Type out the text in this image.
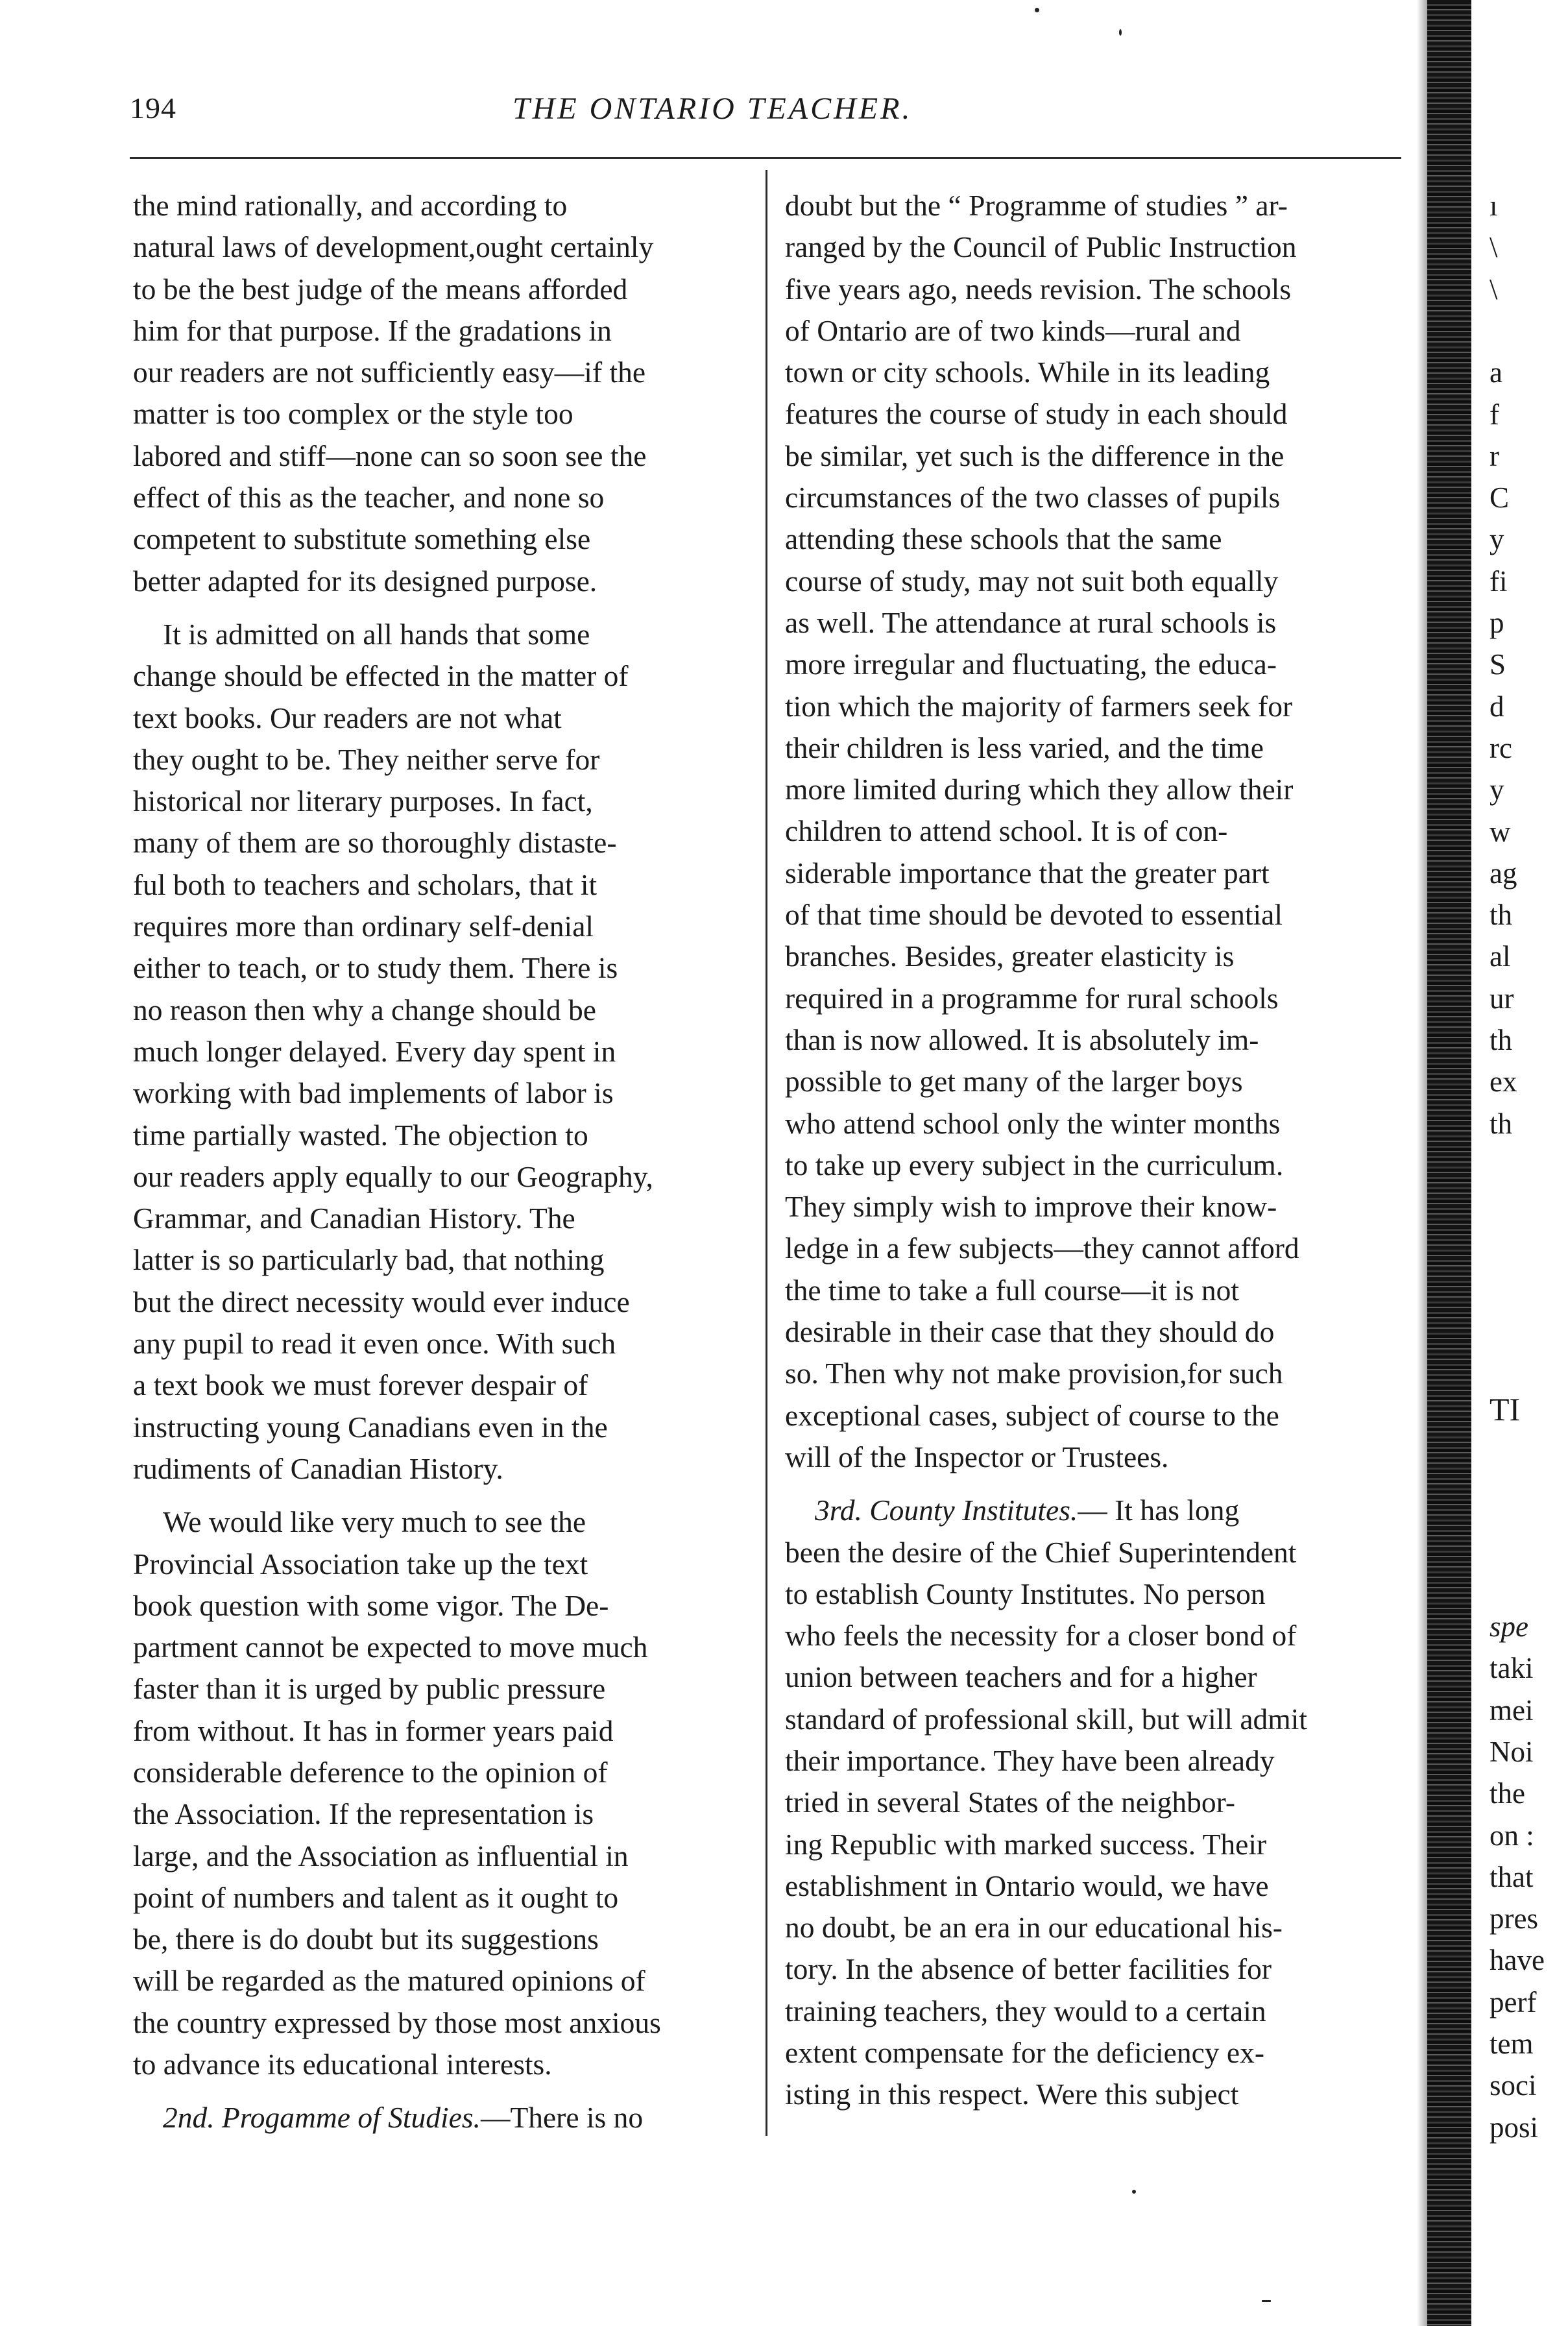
194	THE ONTARIO TEACHER.
the mind rationally, and according to
natural laws of development,ought certainly
to be the best judge of the means afforded
him for that purpose. If the gradations in
our readers are not sufficiently easy—if the
matter is too complex or the style too
labored and stiff—none can so soon see the
effect of this as the teacher, and none so
competent to substitute something else
better adapted for its designed purpose.
It is admitted on all hands that some
change should be effected in the matter of
text books. Our readers are not what
they ought to be. They neither serve for
historical nor literary purposes. In fact,
many of them are so thoroughly distaste-
ful both to teachers and scholars, that it
requires more than ordinary self-denial
either to teach, or to study them. There is
no reason then why a change should be
much longer delayed. Every day spent in
working with bad implements of labor is
time partially wasted. The objection to
our readers apply equally to our Geography,
Grammar, and Canadian History. The
latter is so particularly bad, that nothing
but the direct necessity would ever induce
any pupil to read it even once. With such
a text book we must forever despair of
instructing young Canadians even in the
rudiments of Canadian History.
We would like very much to see the
Provincial Association take up the text
book question with some vigor. The De-
partment cannot be expected to move much
faster than it is urged by public pressure
from without. It has in former years paid
considerable deference to the opinion of
the Association. If the representation is
large, and the Association as influential in
point of numbers and talent as it ought to
be, there is do doubt but its suggestions
will be regarded as the matured opinions of
the country expressed by those most anxious
to advance its educational interests.
2nd. Progamme of Studies.—There is no
doubt but the “ Programme of studies ” ar-
ranged by the Council of Public Instruction
five years ago, needs revision. The schools
of Ontario are of two kinds—rural and
town or city schools. While in its leading
features the course of study in each should
be similar, yet such is the difference in the
circumstances of the two classes of pupils
attending these schools that the same
course of study, may not suit both equally
as well. The attendance at rural schools is
more irregular and fluctuating, the educa-
tion which the majority of farmers seek for
their children is less varied, and the time
more limited during which they allow their
children to attend school. It is of con-
siderable importance that the greater part
of that time should be devoted to essential
branches. Besides, greater elasticity is
required in a programme for rural schools
than is now allowed. It is absolutely im-
possible to get many of the larger boys
who attend school only the winter months
to take up every subject in the curriculum.
They simply wish to improve their know-
ledge in a few subjects—they cannot afford
the time to take a full course—it is not
desirable in their case that they should do
so. Then why not make provision,for such
exceptional cases, subject of course to the
will of the Inspector or Trustees.
3rd. County Institutes.— It has long
been the desire of the Chief Superintendent
to establish County Institutes. No person
who feels the necessity for a closer bond of
union between teachers and for a higher
standard of professional skill, but will admit
their importance. They have been already
tried in several States of the neighbor-
ing Republic with marked success. Their
establishment in Ontario would, we have
no doubt, be an era in our educational his-
tory. In the absence of better facilities for
training teachers, they would to a certain
extent compensate for the deficiency ex-
isting in this respect. Were this subject
ı
\
\
a
f
r
C
y
fi
p
S
d
rc
y
w
ag
th
al
ur
th
ex
th
TI
spe
taki
mei
Noi
the
on :
that
pres
have
perf
tem
soci
posi
